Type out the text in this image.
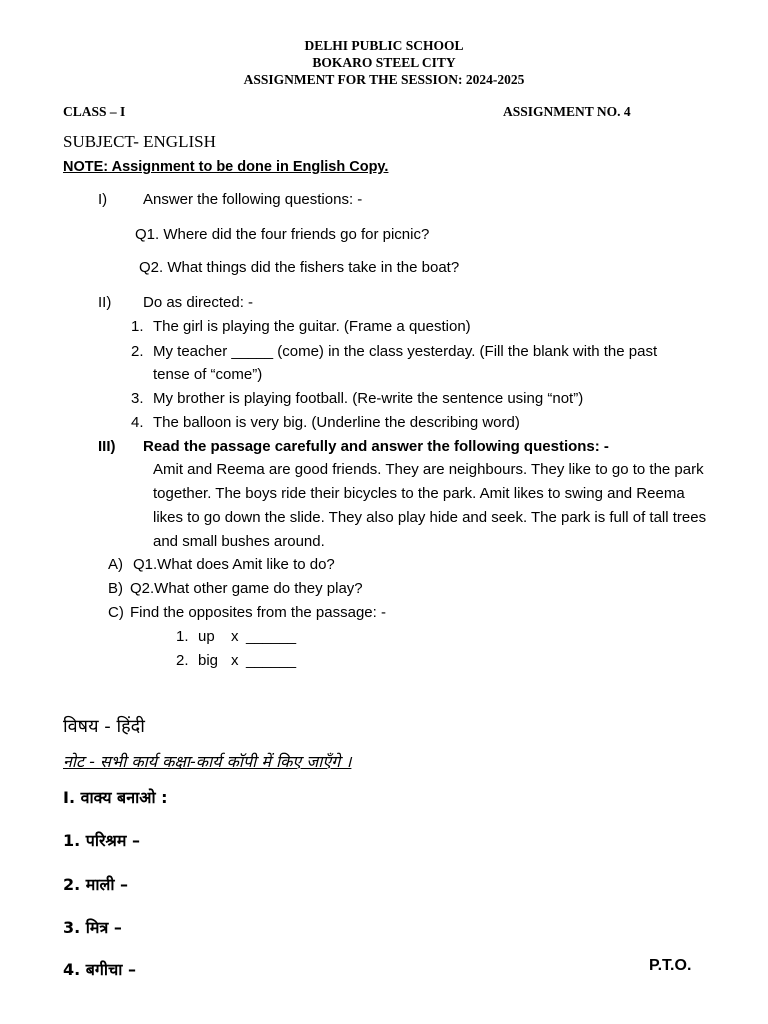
DELHI PUBLIC SCHOOL
BOKARO STEEL CITY
ASSIGNMENT FOR THE SESSION: 2024-2025
CLASS – I	ASSIGNMENT NO. 4
SUBJECT- ENGLISH
NOTE: Assignment to be done in English Copy.
I) Answer the following questions: -
Q1. Where did the four friends go for picnic?
Q2. What things did the fishers take in the boat?
II) Do as directed: -
1. The girl is playing the guitar. (Frame a question)
2. My teacher _____ (come) in the class yesterday. (Fill the blank with the past
tense of “come”)
3. My brother is playing football. (Re-write the sentence using “not”)
4. The balloon is very big. (Underline the describing word)
III) Read the passage carefully and answer the following questions: -
Amit and Reema are good friends. They are neighbours. They like to go to the park together. The boys ride their bicycles to the park. Amit likes to swing and Reema likes to go down the slide. They also play hide and seek. The park is full of tall trees and small bushes around.
A) Q1.What does Amit like to do?
B) Q2.What other game do they play?
C) Find the opposites from the passage: -
1. up x ______
2. big x ______
विषय - हिंदी
नोट - सभी कार्य कक्षा-कार्य कॉपी में किए जाएँगे ।
I. वाक्य बनाओ :
1. परिश्रम –
2. माली –
3. मित्र –
4. बगीचा –	P.T.O.
